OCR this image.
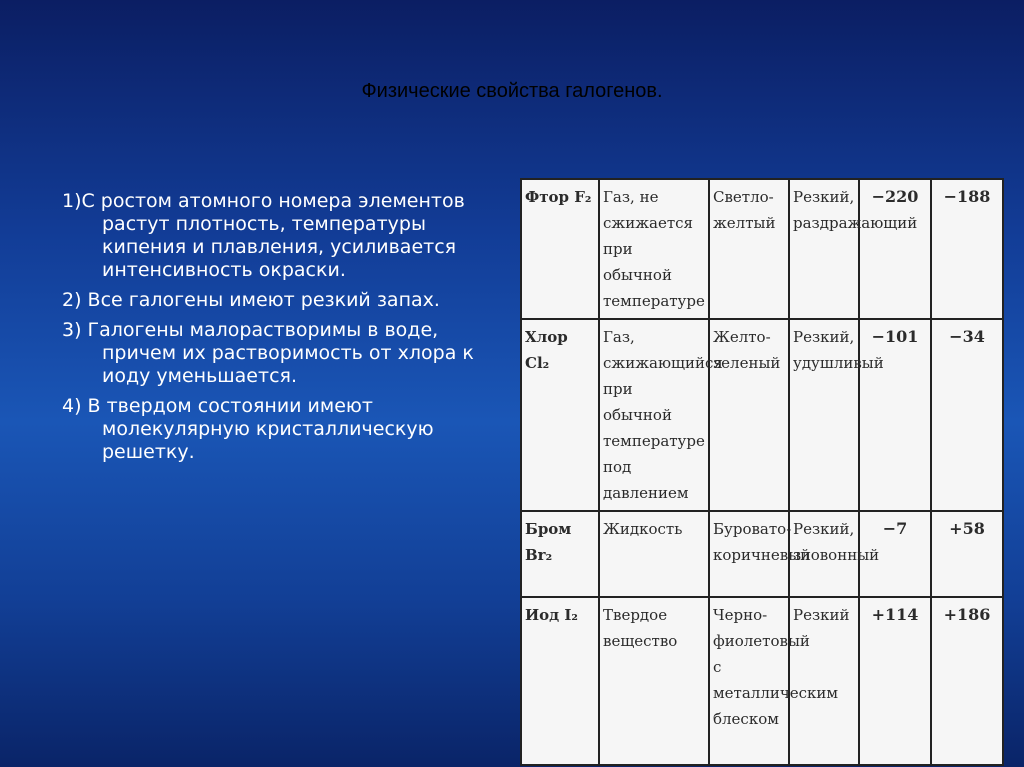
Физические свойства галогенов.
1)С ростом атомного номера элементов растут плотность, температуры кипения и плавления, усиливается интенсивность окраски.
2) Все галогены имеют резкий запах.
3) Галогены малорастворимы в воде, причем их растворимость от хлора к иоду уменьшается.
4) В твердом состоянии имеют молекулярную кристаллическую решетку.
Фтор F₂	Газ, не сжижается при обычной температуре	Светло-желтый	Резкий, раздражающий	−220	−188
Хлор Cl₂	Газ, сжижающийся при обычной температуре под давлением	Желто-зеленый	Резкий, удушливый	−101	−34
Бром Br₂	Жидкость	Буровато-коричневый	Резкий, зловонный	−7	+58
Иод I₂	Твердое вещество	Черно-фиолетовый с металлическим блеском	Резкий	+114	+186
